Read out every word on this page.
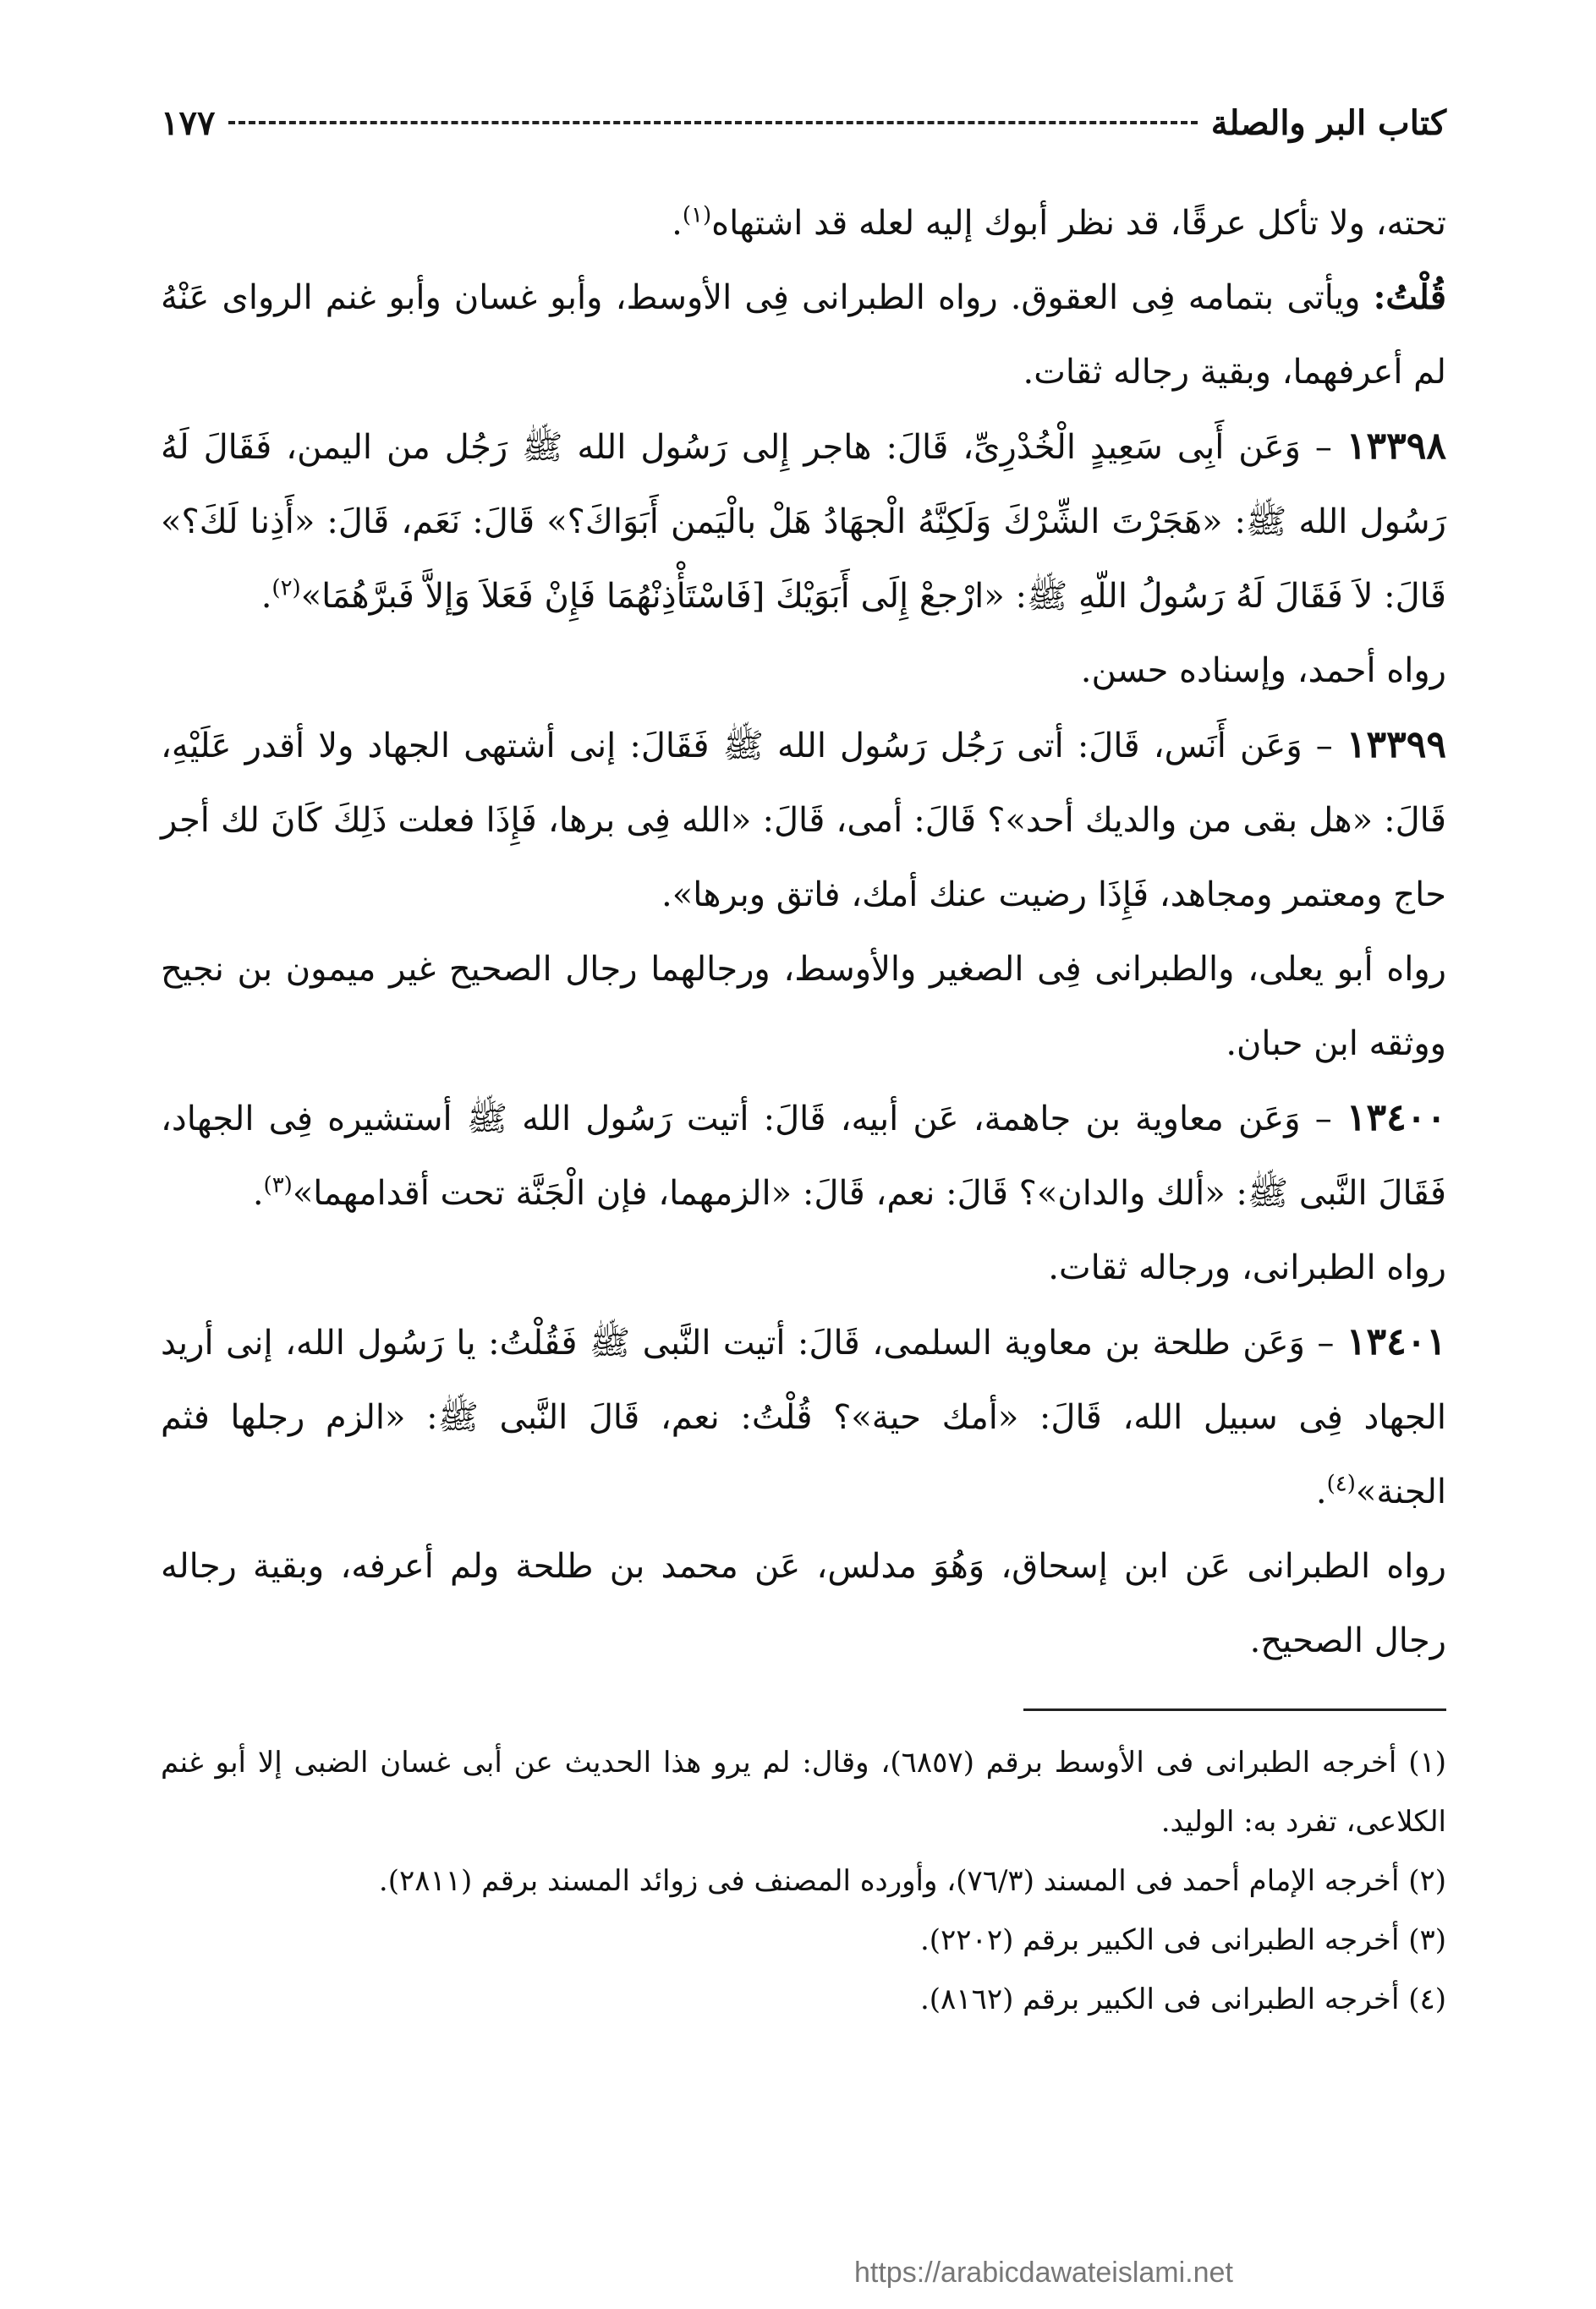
كتاب البر والصلة
١٧٧

تحته، ولا تأكل عرقًا، قد نظر أبوك إليه لعله قد اشتهاه$^{(١)}$.

قُلْتُ: ويأتى بتمامه فِى العقوق. رواه الطبرانى فِى الأوسط، وأبو غسان وأبو غنم الروای عَنْهُ لم أعرفهما، وبقية رجاله ثقات.

١٣٣٩٨ – وَعَن أَبِى سَعِيدٍ الْخُدْرِىِّ، قَالَ: هاجر إِلى رَسُول الله ﷺ رَجُل من اليمن، فَقَالَ لَهُ رَسُول الله ﷺ: «هَجَرْتَ الشِّرْكَ وَلَكِنَّهُ الْجهَادُ هَلْ بالْيَمن أَبَوَاكَ؟» قَالَ: نَعَم، قَالَ: «أَذِنا لَكَ؟» قَالَ: لاَ فَقَالَ لَهُ رَسُولُ اللّهِ ﷺ: «ارْجعْ إِلَى أَبَوَيْكَ [فَاسْتَأْذِنْهُمَا فَإِنْ فَعَلاَ وَإلاَّ فَبرَّهُمَا»$^{(٢)}$.

رواه أحمد، وإسناده حسن.

١٣٣٩٩ – وَعَن أَنَس، قَالَ: أتى رَجُل رَسُول الله ﷺ فَقَالَ: إنى أشتهى الجهاد ولا أقدر عَلَيْهِ، قَالَ: «هل بقى من والديك أحد»؟ قَالَ: أمى، قَالَ: «الله فِى برها، فَإِذَا فعلت ذَلِكَ كَانَ لك أجر حاج ومعتمر ومجاهد، فَإِذَا رضيت عنك أمك، فاتق وبرها».

رواه أبو يعلى، والطبرانى فِى الصغير والأوسط، ورجالهما رجال الصحيح غير ميمون بن نجيح ووثقه ابن حبان.

١٣٤٠٠ – وَعَن معاوية بن جاهمة، عَن أبيه، قَالَ: أتيت رَسُول الله ﷺ أستشيره فِى الجهاد، فَقَالَ النَّبى ﷺ: «ألك والدان»؟ قَالَ: نعم، قَالَ: «الزمهما، فإن الْجَنَّة تحت أقدامهما»$^{(٣)}$.

رواه الطبرانى، ورجاله ثقات.

١٣٤٠١ – وَعَن طلحة بن معاوية السلمى، قَالَ: أتيت النَّبى ﷺ فَقُلْتُ: يا رَسُول الله، إنى أريد الجهاد فِى سبيل الله، قَالَ: «أمك حية»؟ قُلْتُ: نعم، قَالَ النَّبى ﷺ: «الزم رجلها فثم الجنة»$^{(٤)}$.

رواه الطبرانى عَن ابن إسحاق، وَهُوَ مدلس، عَن محمد بن طلحة ولم أعرفه، وبقية رجاله رجال الصحيح.

(١) أخرجه الطبرانى فى الأوسط برقم (٦٨٥٧)، وقال: لم يرو هذا الحديث عن أبى غسان الضبى إلا أبو غنم الكلاعى، تفرد به: الوليد.

(٢) أخرجه الإمام أحمد فى المسند (٧٦/٣)، وأورده المصنف فى زوائد المسند برقم (٢٨١١).

(٣) أخرجه الطبرانى فى الكبير برقم (٢٢٠٢).

(٤) أخرجه الطبرانى فى الكبير برقم (٨١٦٢).

https://arabicdawateislami.net
